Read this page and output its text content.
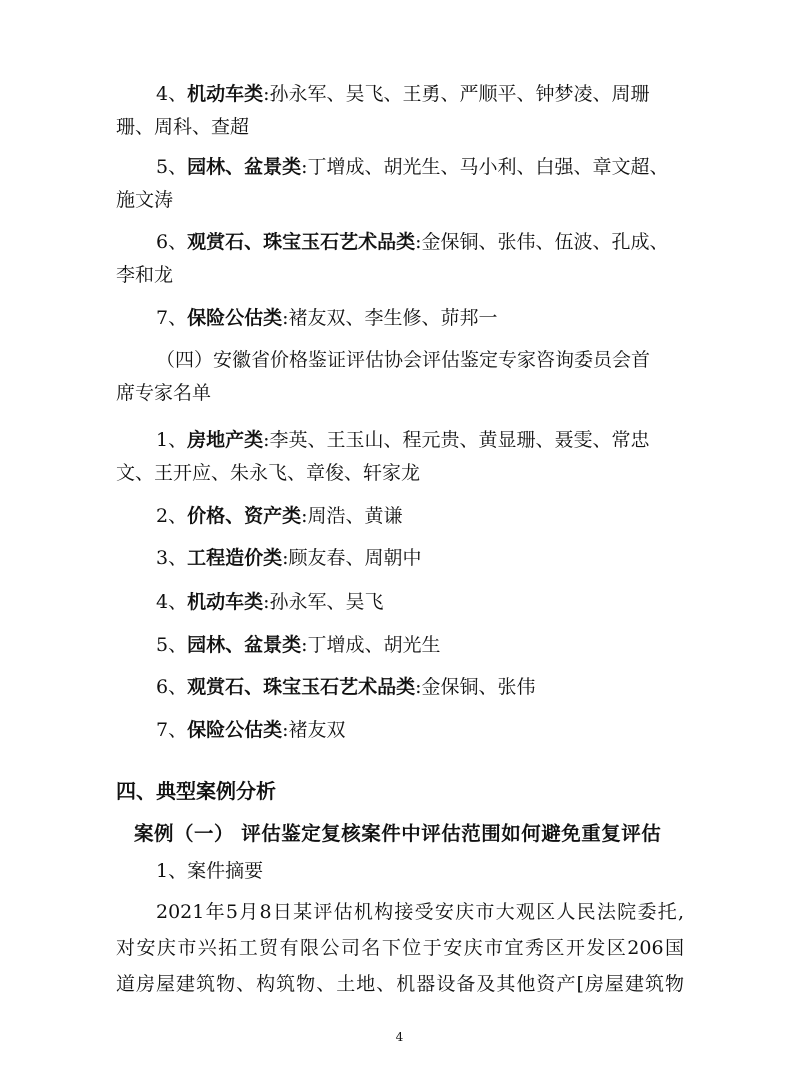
4、机动车类:孙永军、吴飞、王勇、严顺平、钟梦凌、周珊
珊、周科、查超
5、园林、盆景类:丁增成、胡光生、马小利、白强、章文超、
施文涛
6、观赏石、珠宝玉石艺术品类:金保铜、张伟、伍波、孔成、
李和龙
7、保险公估类:褚友双、李生修、茆邦一
（四）安徽省价格鉴证评估协会评估鉴定专家咨询委员会首
席专家名单
1、房地产类:李英、王玉山、程元贵、黄显珊、聂雯、常忠
文、王开应、朱永飞、章俊、轩家龙
2、价格、资产类:周浩、黄谦
3、工程造价类:顾友春、周朝中
4、机动车类:孙永军、吴飞
5、园林、盆景类:丁增成、胡光生
6、观赏石、珠宝玉石艺术品类:金保铜、张伟
7、保险公估类:褚友双
四、典型案例分析
案例（一） 评估鉴定复核案件中评估范围如何避免重复评估
1、案件摘要
2021年5月8日某评估机构接受安庆市大观区人民法院委托,
对安庆市兴拓工贸有限公司名下位于安庆市宜秀区开发区206国
道房屋建筑物、构筑物、土地、机器设备及其他资产[房屋建筑物
4
